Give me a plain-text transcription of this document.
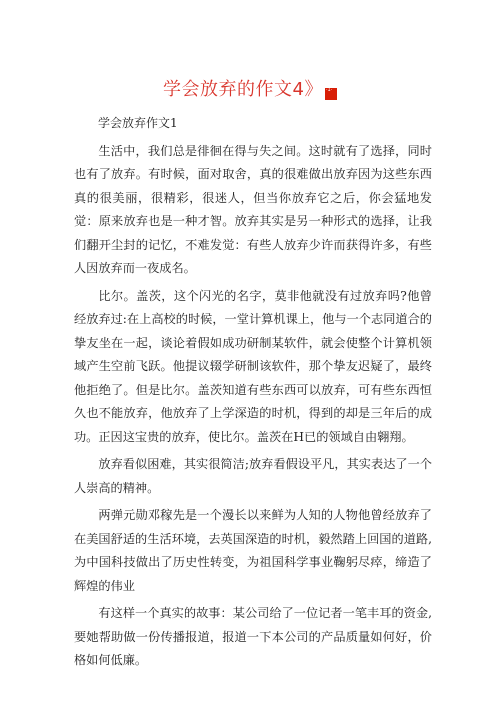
学会放弃的作文4》 ·1·

学会放弃作文1

生活中，我们总是徘徊在得与失之间。这时就有了选择，同时也有了放弃。有时候，面对取舍，真的很难做出放弃因为这些东西真的很美丽，很精彩，很迷人，但当你放弃它之后，你会猛地发觉：原来放弃也是一种才智。放弃其实是另一种形式的选择，让我们翻开尘封的记忆，不难发觉：有些人放弃少许而获得许多，有些人因放弃而一夜成名。

比尔。盖茨，这个闪光的名字，莫非他就没有过放弃吗?他曾经放弃过:在上高校的时候，一堂计算机课上，他与一个志同道合的挚友坐在一起，谈论着假如成功研制某软件，就会使整个计算机领域产生空前飞跃。他提议辍学研制该软件，那个挚友迟疑了，最终他拒绝了。但是比尔。盖茨知道有些东西可以放弃，可有些东西恒久也不能放弃，他放弃了上学深造的时机，得到的却是三年后的成功。正因这宝贵的放弃，使比尔。盖茨在H已的领域自由翱翔。

放弃看似困难，其实很简洁;放弃看假设平凡，其实表达了一个人崇高的精神。

两弹元勋邓稼先是一个漫长以来鲜为人知的人物他曾经放弃了在美国舒适的生活环境，去英国深造的时机，毅然踏上回国的道路,为中国科技做出了历史性转变，为祖国科学事业鞠躬尽瘁，缔造了辉煌的伟业

有这样一个真实的故事：某公司给了一位记者一笔丰耳的资金,要她帮助做一份传播报道，报道一下本公司的产品质量如何好，价格如何低廉。
